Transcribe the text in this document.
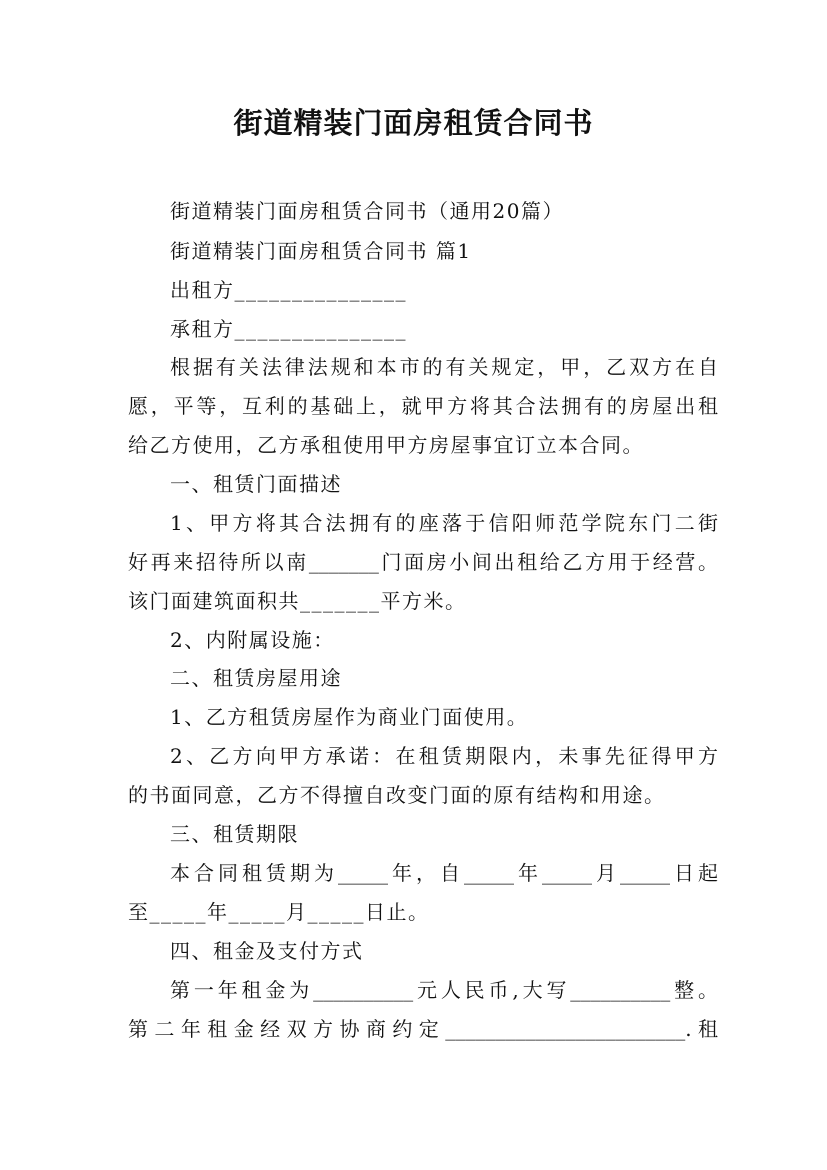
街道精装门面房租赁合同书
街道精装门面房租赁合同书（通用20篇）
街道精装门面房租赁合同书 篇1
出租方_______________
承租方_______________
根据有关法律法规和本市的有关规定，甲，乙双方在自
愿，平等，互利的基础上，就甲方将其合法拥有的房屋出租
给乙方使用，乙方承租使用甲方房屋事宜订立本合同。
一、租赁门面描述
1、甲方将其合法拥有的座落于信阳师范学院东门二街
好再来招待所以南_______门面房小间出租给乙方用于经营。
该门面建筑面积共_______平方米。
2、内附属设施：
二、租赁房屋用途
1、乙方租赁房屋作为商业门面使用。
2、乙方向甲方承诺：在租赁期限内，未事先征得甲方
的书面同意，乙方不得擅自改变门面的原有结构和用途。
三、租赁期限
本合同租赁期为_____年，自_____年_____月_____日起
至_____年_____月_____日止。
四、租金及支付方式
第一年租金为__________元人民币,大写__________整。
第二年租金经双方协商约定________________________.租
